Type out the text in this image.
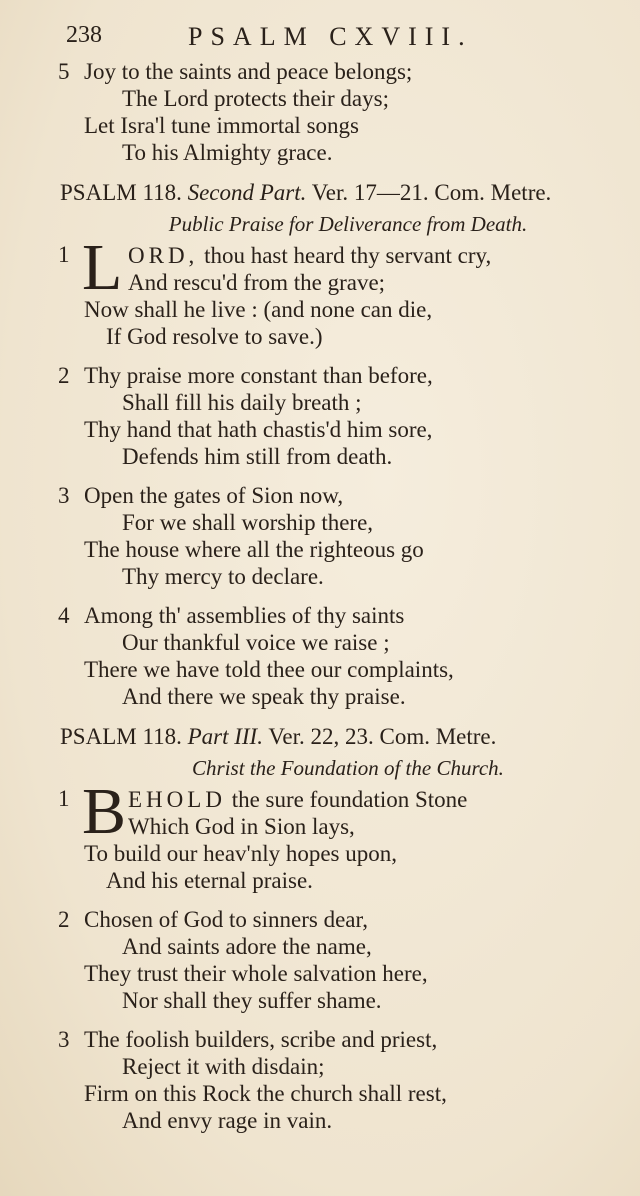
238	PSALM CXVIII.
5 Joy to the saints and peace belongs;
The Lord protects their days;
Let Isra'l tune immortal songs
To his Almighty grace.
PSALM 118. Second Part. Ver. 17—21. Com. Metre.
Public Praise for Deliverance from Death.
1 L ORD, thou hast heard thy servant cry,
And rescu'd from the grave;
Now shall he live : (and none can die,
If God resolve to save.)
2 Thy praise more constant than before,
Shall fill his daily breath ;
Thy hand that hath chastis'd him sore,
Defends him still from death.
3 Open the gates of Sion now,
For we shall worship there,
The house where all the righteous go
Thy mercy to declare.
4 Among th' assemblies of thy saints
Our thankful voice we raise ;
There we have told thee our complaints,
And there we speak thy praise.
PSALM 118. Part III. Ver. 22, 23. Com. Metre.
Christ the Foundation of the Church.
1 B EHOLD the sure foundation Stone
Which God in Sion lays,
To build our heav'nly hopes upon,
And his eternal praise.
2 Chosen of God to sinners dear,
And saints adore the name,
They trust their whole salvation here,
Nor shall they suffer shame.
3 The foolish builders, scribe and priest,
Reject it with disdain;
Firm on this Rock the church shall rest,
And envy rage in vain.
